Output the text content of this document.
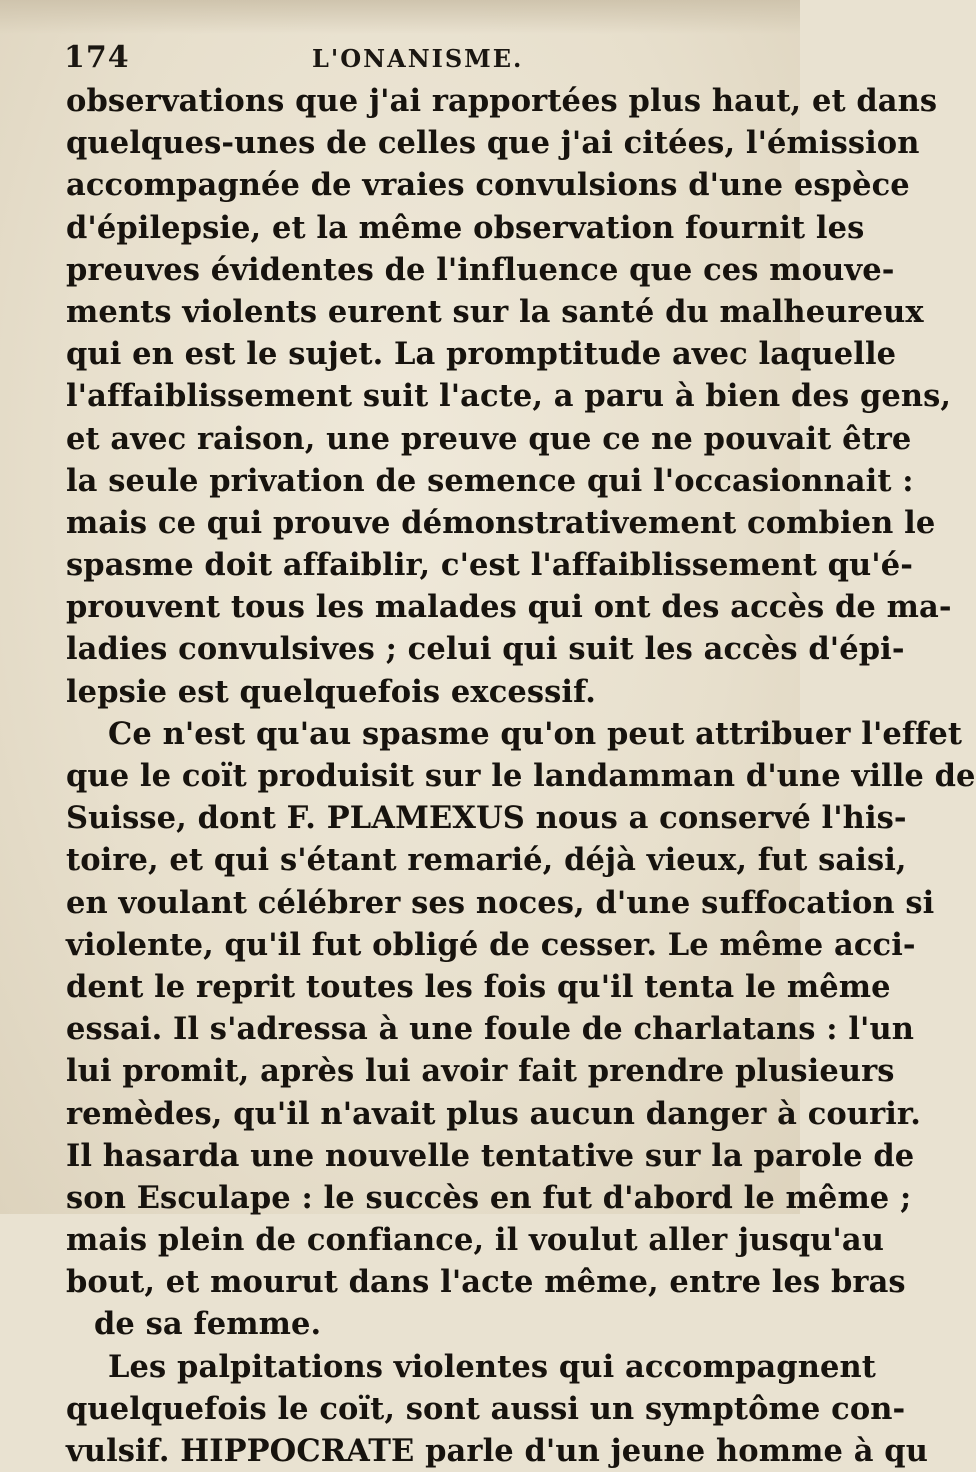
174	L'ONANISME.
observations que j'ai rapportées plus haut, et dans
quelques-unes de celles que j'ai citées, l'émission
accompagnée de vraies convulsions d'une espèce
d'épilepsie, et la même observation fournit les
preuves évidentes de l'influence que ces mouve-
ments violents eurent sur la santé du malheureux
qui en est le sujet. La promptitude avec laquelle
l'affaiblissement suit l'acte, a paru à bien des gens,
et avec raison, une preuve que ce ne pouvait être
la seule privation de semence qui l'occasionnait :
mais ce qui prouve démonstrativement combien le
spasme doit affaiblir, c'est l'affaiblissement qu'é-
prouvent tous les malades qui ont des accès de ma-
ladies convulsives ; celui qui suit les accès d'épi-
lepsie est quelquefois excessif.
Ce n'est qu'au spasme qu'on peut attribuer l'effet
que le coït produisit sur le landamman d'une ville de
Suisse, dont F. PLAMEXUS nous a conservé l'his-
toire, et qui s'étant remarié, déjà vieux, fut saisi,
en voulant célébrer ses noces, d'une suffocation si
violente, qu'il fut obligé de cesser. Le même acci-
dent le reprit toutes les fois qu'il tenta le même
essai. Il s'adressa à une foule de charlatans : l'un
lui promit, après lui avoir fait prendre plusieurs
remèdes, qu'il n'avait plus aucun danger à courir.
Il hasarda une nouvelle tentative sur la parole de
son Esculape : le succès en fut d'abord le même ;
mais plein de confiance, il voulut aller jusqu'au
bout, et mourut dans l'acte même, entre les bras
de sa femme.
Les palpitations violentes qui accompagnent
quelquefois le coït, sont aussi un symptôme con-
vulsif. HIPPOCRATE parle d'un jeune homme à qu
